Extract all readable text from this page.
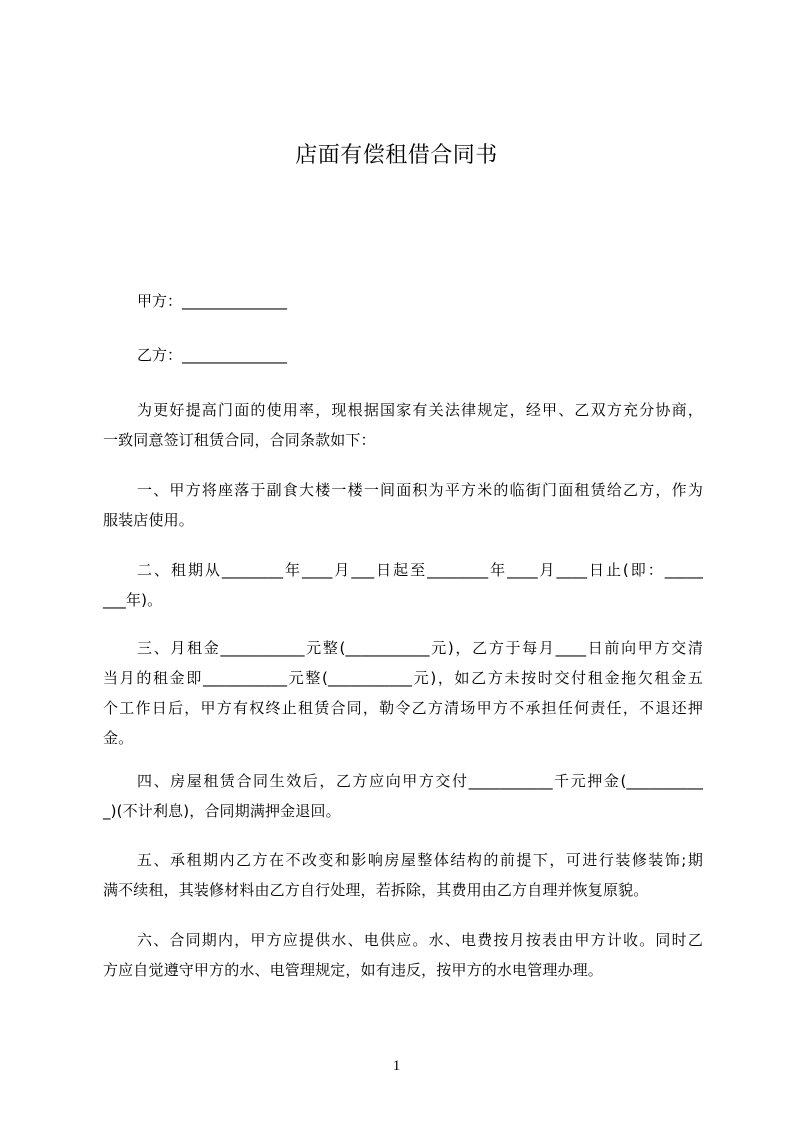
店面有偿租借合同书
甲方：______________
乙方：______________
为更好提高门面的使用率，现根据国家有关法律规定，经甲、乙双方充分协商，
一致同意签订租赁合同，合同条款如下：
一、甲方将座落于副食大楼一楼一间面积为平方米的临街门面租赁给乙方，作为
服装店使用。
二、租期从________年____月___日起至________年____月____日止(即：_____
___年)。
三、月租金___________元整(___________元)，乙方于每月____日前向甲方交清
当月的租金即___________元整(___________元)，如乙方未按时交付租金拖欠租金五
个工作日后，甲方有权终止租赁合同，勒令乙方清场甲方不承担任何责任，不退还押
金。
四、房屋租赁合同生效后，乙方应向甲方交付___________千元押金(__________
_)(不计利息)，合同期满押金退回。
五、承租期内乙方在不改变和影响房屋整体结构的前提下，可进行装修装饰;期
满不续租，其装修材料由乙方自行处理，若拆除，其费用由乙方自理并恢复原貌。
六、合同期内，甲方应提供水、电供应。水、电费按月按表由甲方计收。同时乙
方应自觉遵守甲方的水、电管理规定，如有违反，按甲方的水电管理办理。
1
